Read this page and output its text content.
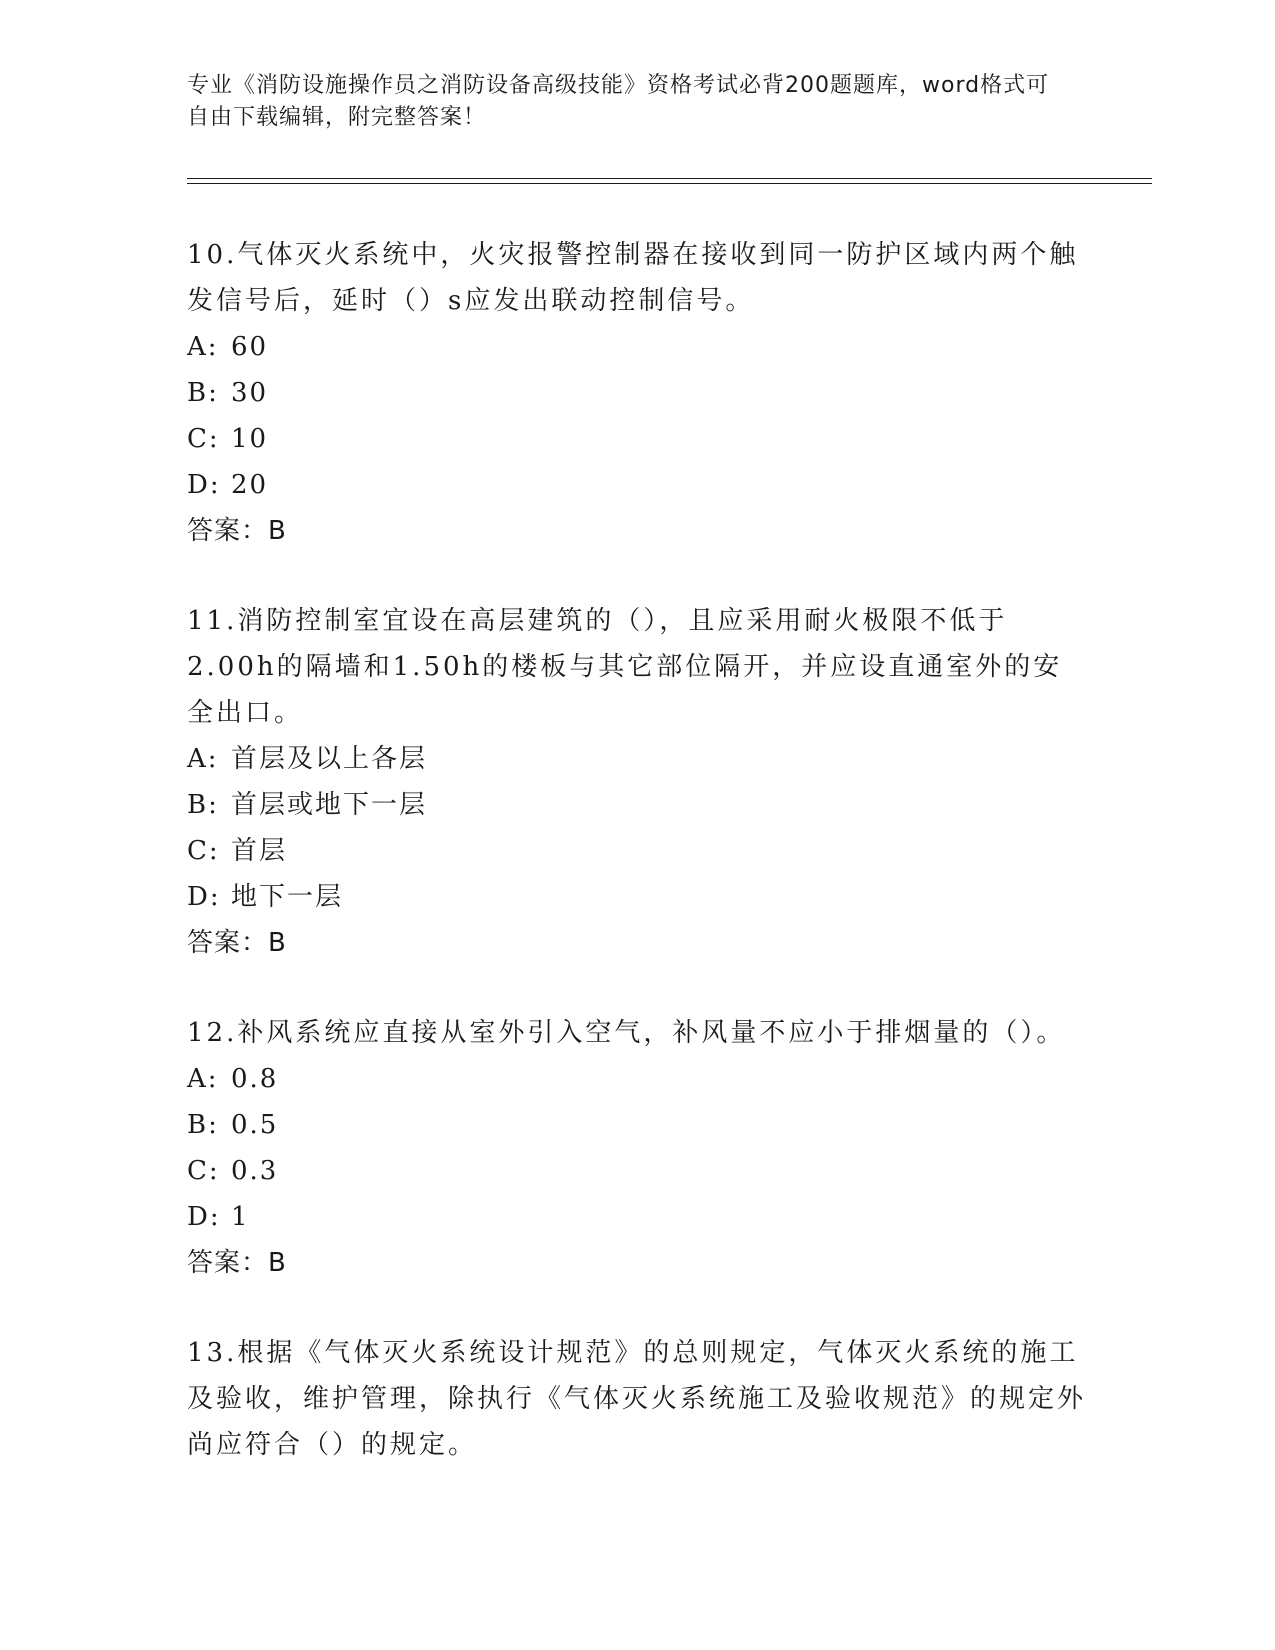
专业《消防设施操作员之消防设备高级技能》资格考试必背200题题库，word格式可自由下载编辑，附完整答案！

10.气体灭火系统中，火灾报警控制器在接收到同一防护区域内两个触发信号后，延时（）s应发出联动控制信号。

A: 60

B: 30

C: 10

D: 20

答案：B

11.消防控制室宜设在高层建筑的（），且应采用耐火极限不低于2.00h的隔墙和1.50h的楼板与其它部位隔开，并应设直通室外的安全出口。

A: 首层及以上各层

B: 首层或地下一层

C: 首层

D: 地下一层

答案：B

12.补风系统应直接从室外引入空气，补风量不应小于排烟量的（）。

A: 0.8

B: 0.5

C: 0.3

D: 1

答案：B

13.根据《气体灭火系统设计规范》的总则规定，气体灭火系统的施工及验收，维护管理，除执行《气体灭火系统施工及验收规范》的规定外尚应符合（）的规定。
